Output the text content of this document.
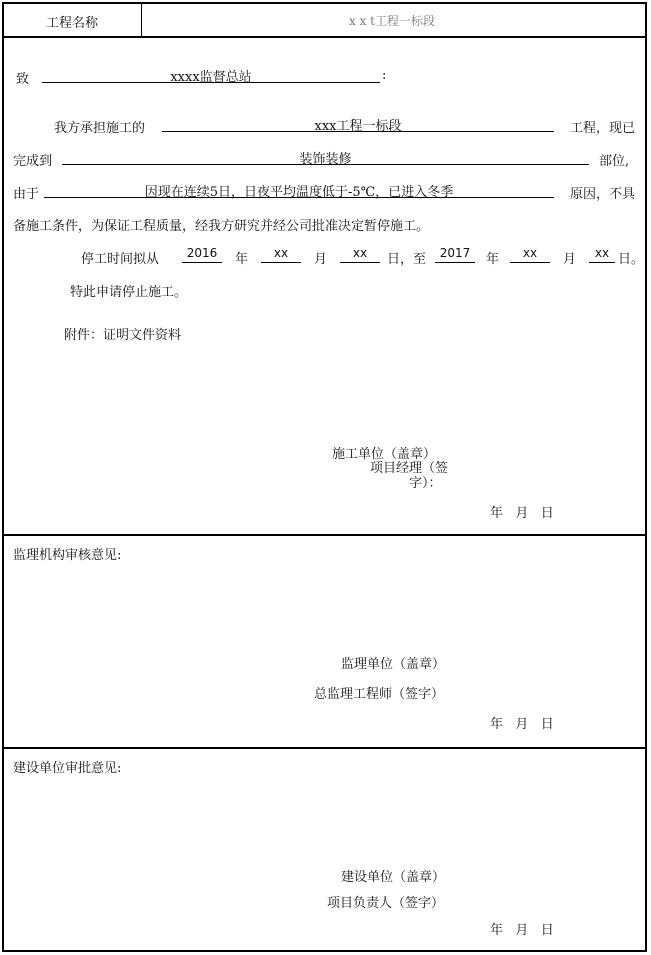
工程名称	x x t工程一标段
致	xxxx监督总站	:
我方承担施工的	xxx工程一标段	工程，现已
完成到	装饰装修	部位,
由于	因现在连续5日，日夜平均温度低于-5℃，已进入冬季	原因，不具
备施工条件，为保证工程质量，经我方研究并经公司批准决定暂停施工。
停工时间拟从	2016	年	xx	月	xx	日，至	2017	年	xx	月	xx 日。
特此申请停止施工。
附件：证明文件资料
施工单位（盖章）
项目经理（签
字）：
年   月   日
监理机构审核意见:
监理单位（盖章）
总监理工程师（签字）
年   月   日
建设单位审批意见:
建设单位（盖章）
项目负责人（签字）
年   月   日
